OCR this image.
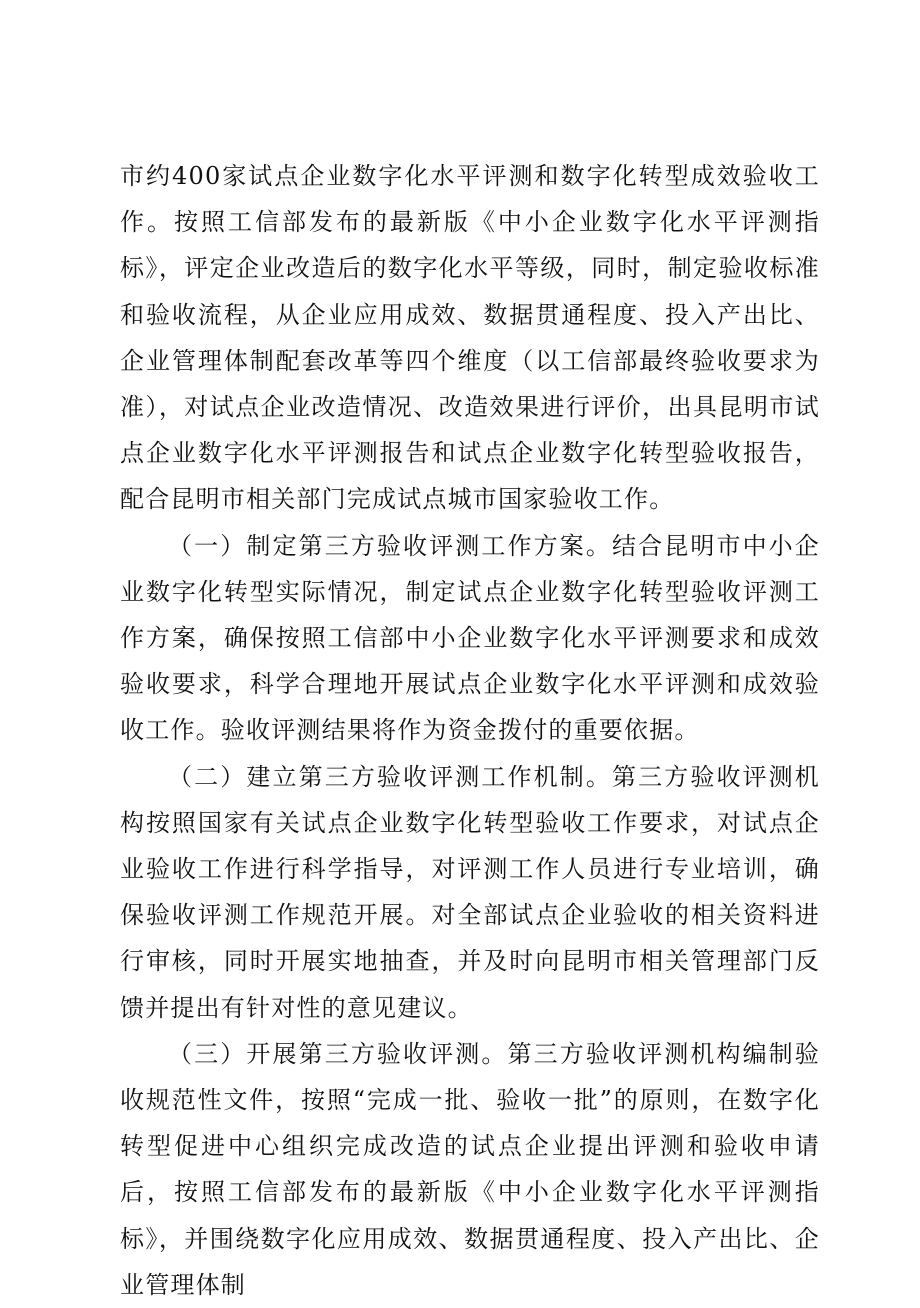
市约400家试点企业数字化水平评测和数字化转型成效验收工作。按照工信部发布的最新版《中小企业数字化水平评测指标》，评定企业改造后的数字化水平等级，同时，制定验收标准和验收流程，从企业应用成效、数据贯通程度、投入产出比、企业管理体制配套改革等四个维度（以工信部最终验收要求为准），对试点企业改造情况、改造效果进行评价，出具昆明市试点企业数字化水平评测报告和试点企业数字化转型验收报告，配合昆明市相关部门完成试点城市国家验收工作。

（一）制定第三方验收评测工作方案。结合昆明市中小企业数字化转型实际情况，制定试点企业数字化转型验收评测工作方案，确保按照工信部中小企业数字化水平评测要求和成效验收要求，科学合理地开展试点企业数字化水平评测和成效验收工作。验收评测结果将作为资金拨付的重要依据。

（二）建立第三方验收评测工作机制。第三方验收评测机构按照国家有关试点企业数字化转型验收工作要求，对试点企业验收工作进行科学指导，对评测工作人员进行专业培训，确保验收评测工作规范开展。对全部试点企业验收的相关资料进行审核，同时开展实地抽查，并及时向昆明市相关管理部门反馈并提出有针对性的意见建议。

（三）开展第三方验收评测。第三方验收评测机构编制验收规范性文件，按照“完成一批、验收一批”的原则，在数字化转型促进中心组织完成改造的试点企业提出评测和验收申请后，按照工信部发布的最新版《中小企业数字化水平评测指标》，并围绕数字化应用成效、数据贯通程度、投入产出比、企业管理体制
